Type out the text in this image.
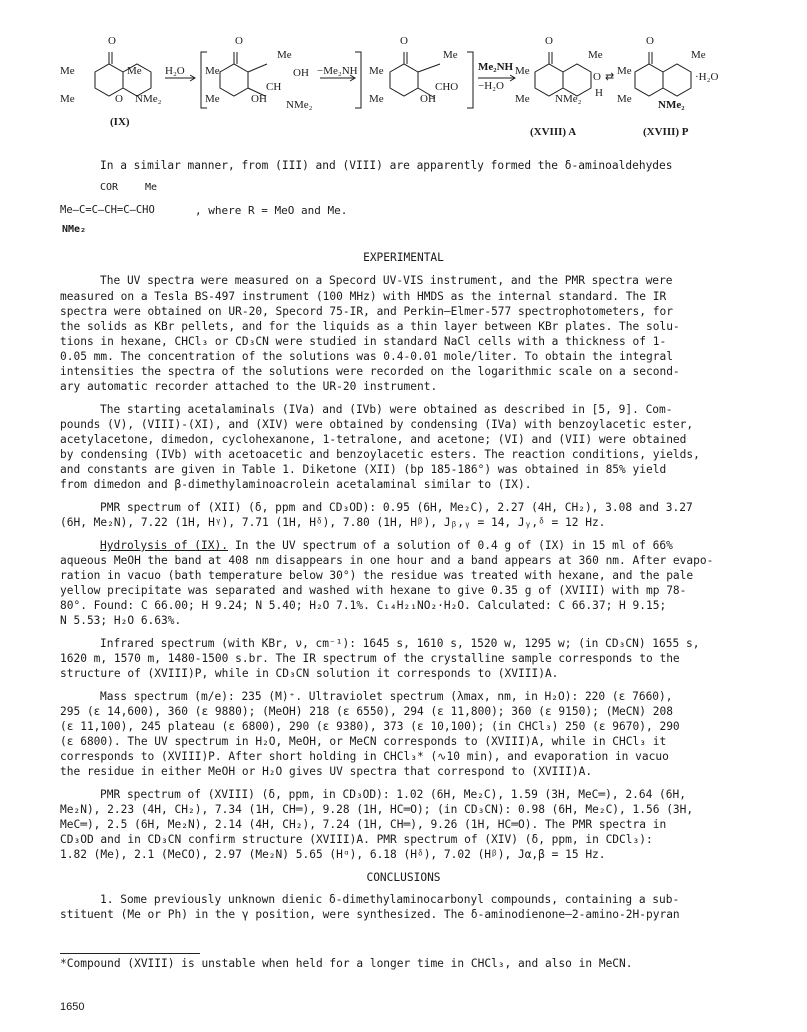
O
Me
Me
Me
NMe₂
O
(IX)
H₂O
O
Me
Me
Me
OH
CH
OH NMe₂
−Me₂NH
O
Me
Me
Me
CHO
OH
Me₂NH
−H₂O
O
Me
Me
Me
O
NMe₂ H
⇄
(XVIII) A
O
Me
Me
Me
·H₂O
NMe₂
(XVIII) P
In a similar manner, from (III) and (VIII) are apparently formed the δ-aminoaldehydes
COR	Me
Me—C=C—CH=C—CHO	, where R = MeO and Me.
NMe₂
EXPERIMENTAL
The UV spectra were measured on a Specord UV-VIS instrument, and the PMR spectra were
measured on a Tesla BS-497 instrument (100 MHz) with HMDS as the internal standard. The IR
spectra were obtained on UR-20, Specord 75-IR, and Perkin—Elmer-577 spectrophotometers, for
the solids as KBr pellets, and for the liquids as a thin layer between KBr plates. The solu-
tions in hexane, CHCl₃ or CD₃CN were studied in standard NaCl cells with a thickness of 1-
0.05 mm. The concentration of the solutions was 0.4-0.01 mole/liter. To obtain the integral
intensities the spectra of the solutions were recorded on the logarithmic scale on a second-
ary automatic recorder attached to the UR-20 instrument.
The starting acetalaminals (IVa) and (IVb) were obtained as described in [5, 9]. Com-
pounds (V), (VIII)-(XI), and (XIV) were obtained by condensing (IVa) with benzoylacetic ester,
acetylacetone, dimedon, cyclohexanone, 1-tetralone, and acetone; (VI) and (VII) were obtained
by condensing (IVb) with acetoacetic and benzoylacetic esters. The reaction conditions, yields,
and constants are given in Table 1. Diketone (XII) (bp 185-186°) was obtained in 85% yield
from dimedon and β-dimethylaminoacrolein acetalaminal similar to (IX).
PMR spectrum of (XII) (δ, ppm and CD₃OD): 0.95 (6H, Me₂C), 2.27 (4H, CH₂), 3.08 and 3.27
(6H, Me₂N), 7.22 (1H, Hᵞ), 7.71 (1H, Hᵟ), 7.80 (1H, Hᵝ), Jᵦ,ᵧ = 14, Jᵧ,ᵟ = 12 Hz.
Hydrolysis of (IX). In the UV spectrum of a solution of 0.4 g of (IX) in 15 ml of 66%
aqueous MeOH the band at 408 nm disappears in one hour and a band appears at 360 nm. After evapo-
ration in vacuo (bath temperature below 30°) the residue was treated with hexane, and the pale
yellow precipitate was separated and washed with hexane to give 0.35 g of (XVIII) with mp 78-
80°. Found: C 66.00; H 9.24; N 5.40; H₂O 7.1%. C₁₄H₂₁NO₂·H₂O. Calculated: C 66.37; H 9.15;
N 5.53; H₂O 6.63%.
Infrared spectrum (with KBr, ν, cm⁻¹): 1645 s, 1610 s, 1520 w, 1295 w; (in CD₃CN) 1655 s,
1620 m, 1570 m, 1480-1500 s.br. The IR spectrum of the crystalline sample corresponds to the
structure of (XVIII)P, while in CD₃CN solution it corresponds to (XVIII)A.
Mass spectrum (m/e): 235 (M)⁺. Ultraviolet spectrum (λmax, nm, in H₂O): 220 (ε 7660),
295 (ε 14,600), 360 (ε 9880); (MeOH) 218 (ε 6550), 294 (ε 11,800); 360 (ε 9150); (MeCN) 208
(ε 11,100), 245 plateau (ε 6800), 290 (ε 9380), 373 (ε 10,100); (in CHCl₃) 250 (ε 9670), 290
(ε 6800). The UV spectrum in H₂O, MeOH, or MeCN corresponds to (XVIII)A, while in CHCl₃ it
corresponds to (XVIII)P. After short holding in CHCl₃* (∿10 min), and evaporation in vacuo
the residue in either MeOH or H₂O gives UV spectra that correspond to (XVIII)A.
PMR spectrum of (XVIII) (δ, ppm, in CD₃OD): 1.02 (6H, Me₂C), 1.59 (3H, MeC═), 2.64 (6H,
Me₂N), 2.23 (4H, CH₂), 7.34 (1H, CH═), 9.28 (1H, HC═O); (in CD₃CN): 0.98 (6H, Me₂C), 1.56 (3H,
MeC═), 2.5 (6H, Me₂N), 2.14 (4H, CH₂), 7.24 (1H, CH═), 9.26 (1H, HC═O). The PMR spectra in
CD₃OD and in CD₃CN confirm structure (XVIII)A. PMR spectrum of (XIV) (δ, ppm, in CDCl₃):
1.82 (Me), 2.1 (MeCO), 2.97 (Me₂N) 5.65 (Hᵅ), 6.18 (Hᵟ), 7.02 (Hᵝ), Jα,β = 15 Hz.
CONCLUSIONS
1. Some previously unknown dienic δ-dimethylaminocarbonyl compounds, containing a sub-
stituent (Me or Ph) in the γ position, were synthesized. The δ-aminodienone—2-amino-2H-pyran
*Compound (XVIII) is unstable when held for a longer time in CHCl₃, and also in MeCN.
1650
